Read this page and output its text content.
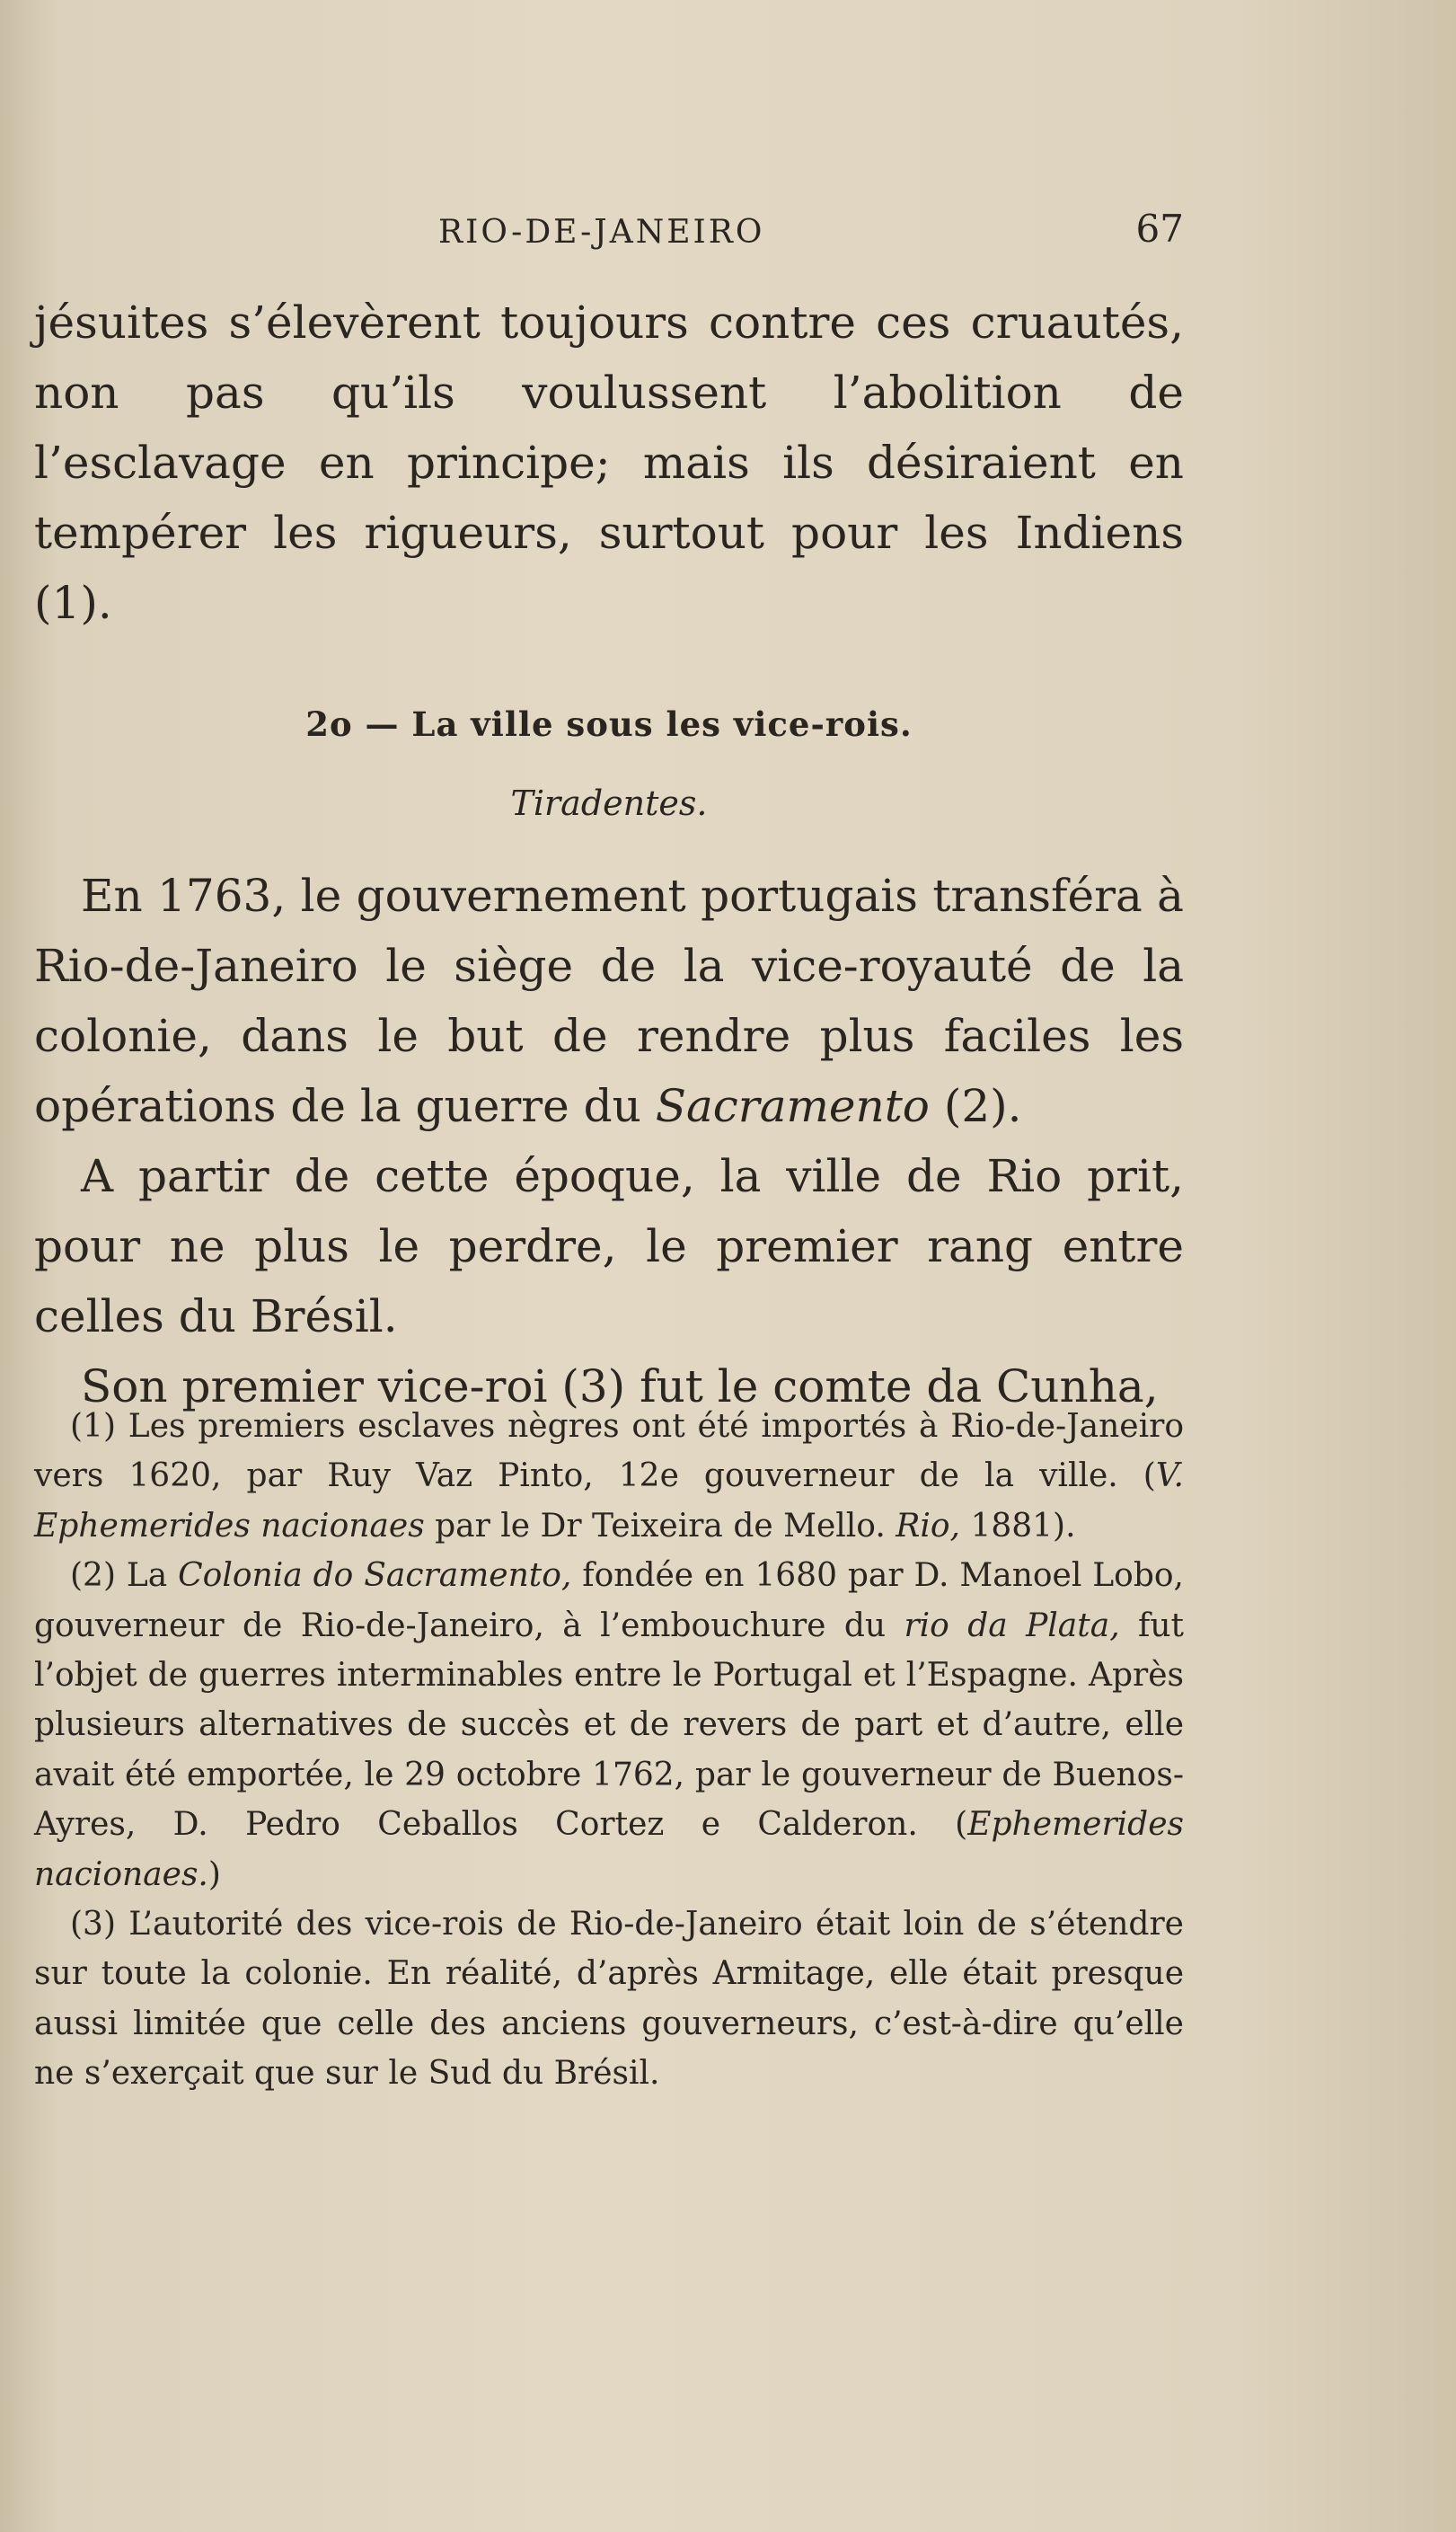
RIO-DE-JANEIRO	67

jésuites s’élevèrent toujours contre ces cruautés, non pas qu’ils voulussent l’abolition de l’esclavage en principe; mais ils désiraient en tempérer les rigueurs, surtout pour les Indiens (1).

2o — La ville sous les vice-rois.
Tiradentes.

En 1763, le gouvernement portugais transféra à Rio-de-Janeiro le siège de la vice-royauté de la colonie, dans le but de rendre plus faciles les opérations de la guerre du Sacramento (2).

A partir de cette époque, la ville de Rio prit, pour ne plus le perdre, le premier rang entre celles du Brésil.

Son premier vice-roi (3) fut le comte da Cunha,

(1) Les premiers esclaves nègres ont été importés à Rio-de-Janeiro vers 1620, par Ruy Vaz Pinto, 12e gouverneur de la ville. (V. Ephemerides nacionaes par le Dr Teixeira de Mello. Rio, 1881).

(2) La Colonia do Sacramento, fondée en 1680 par D. Manoel Lobo, gouverneur de Rio-de-Janeiro, à l’embouchure du rio da Plata, fut l’objet de guerres interminables entre le Portugal et l’Espagne. Après plusieurs alternatives de succès et de revers de part et d’autre, elle avait été emportée, le 29 octobre 1762, par le gouverneur de Buenos-Ayres, D. Pedro Ceballos Cortez e Calderon. (Ephemerides nacionaes.)

(3) L’autorité des vice-rois de Rio-de-Janeiro était loin de s’étendre sur toute la colonie. En réalité, d’après Armitage, elle était presque aussi limitée que celle des anciens gouverneurs, c’est-à-dire qu’elle ne s’exerçait que sur le Sud du Brésil.
